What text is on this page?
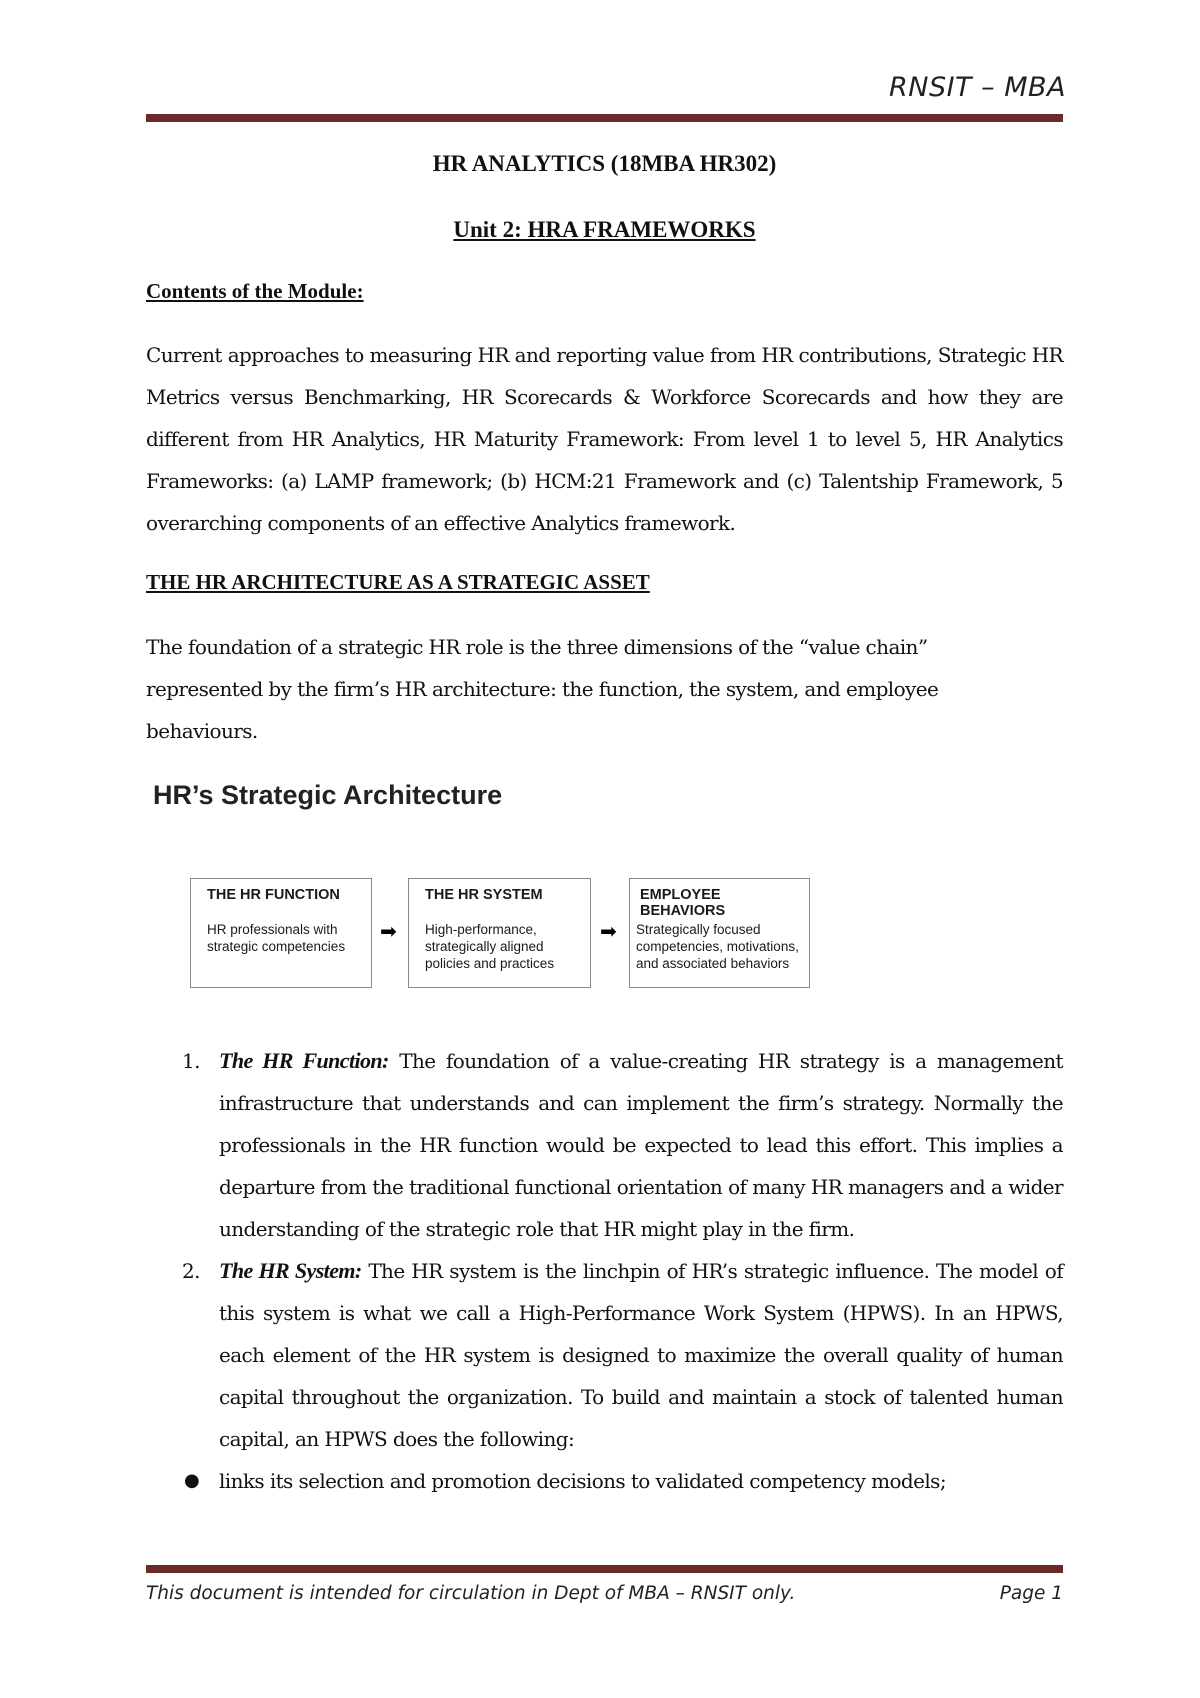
RNSIT – MBA
HR ANALYTICS (18MBA HR302)
Unit 2: HRA FRAMEWORKS
Contents of the Module:

Current approaches to measuring HR and reporting value from HR contributions, Strategic HR Metrics versus Benchmarking, HR Scorecards & Workforce Scorecards and how they are different from HR Analytics, HR Maturity Framework: From level 1 to level 5, HR Analytics Frameworks: (a) LAMP framework; (b) HCM:21 Framework and (c) Talentship Framework, 5 overarching components of an effective Analytics framework.

THE HR ARCHITECTURE AS A STRATEGIC ASSET

The foundation of a strategic HR role is the three dimensions of the “value chain” represented by the firm’s HR architecture: the function, the system, and employee behaviours.

HR’s Strategic Architecture
THE HR FUNCTION
HR professionals with strategic competencies
➡
THE HR SYSTEM
High-performance, strategically aligned policies and practices
➡
EMPLOYEE BEHAVIORS
Strategically focused competencies, motivations, and associated behaviors
1. The HR Function: The foundation of a value-creating HR strategy is a management infrastructure that understands and can implement the firm’s strategy. Normally the professionals in the HR function would be expected to lead this effort. This implies a departure from the traditional functional orientation of many HR managers and a wider understanding of the strategic role that HR might play in the firm.
2. The HR System: The HR system is the linchpin of HR’s strategic influence. The model of this system is what we call a High-Performance Work System (HPWS). In an HPWS, each element of the HR system is designed to maximize the overall quality of human capital throughout the organization. To build and maintain a stock of talented human capital, an HPWS does the following:
● links its selection and promotion decisions to validated competency models;
This document is intended for circulation in Dept of MBA – RNSIT only.	Page 1
